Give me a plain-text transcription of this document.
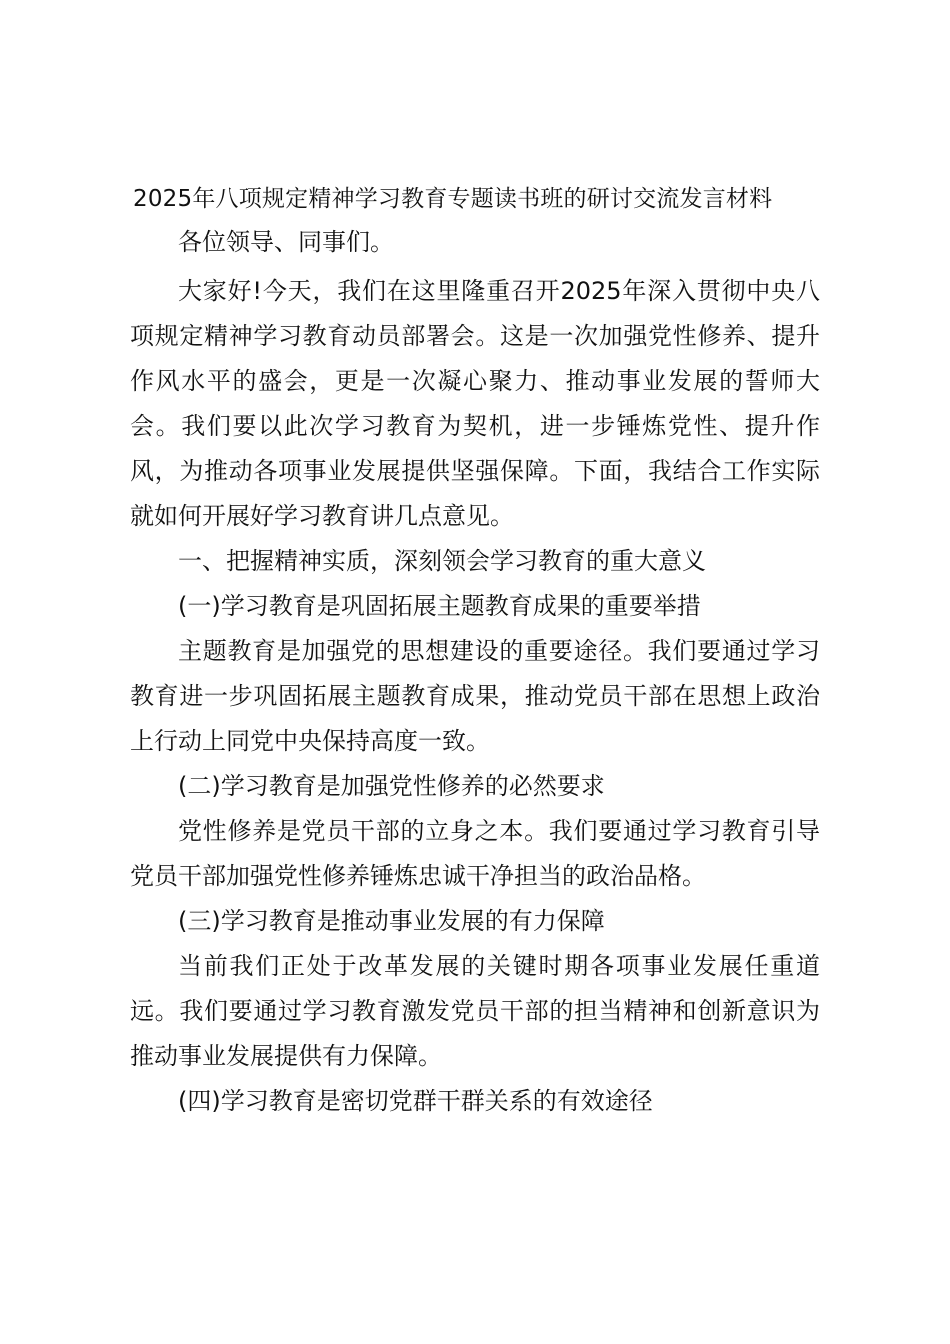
2025年八项规定精神学习教育专题读书班的研讨交流发言材料

各位领导、同事们。

大家好!今天，我们在这里隆重召开2025年深入贯彻中央八项规定精神学习教育动员部署会。这是一次加强党性修养、提升作风水平的盛会，更是一次凝心聚力、推动事业发展的誓师大会。我们要以此次学习教育为契机，进一步锤炼党性、提升作风，为推动各项事业发展提供坚强保障。下面，我结合工作实际就如何开展好学习教育讲几点意见。

一、把握精神实质，深刻领会学习教育的重大意义

(一)学习教育是巩固拓展主题教育成果的重要举措

主题教育是加强党的思想建设的重要途径。我们要通过学习教育进一步巩固拓展主题教育成果，推动党员干部在思想上政治上行动上同党中央保持高度一致。

(二)学习教育是加强党性修养的必然要求

党性修养是党员干部的立身之本。我们要通过学习教育引导党员干部加强党性修养锤炼忠诚干净担当的政治品格。

(三)学习教育是推动事业发展的有力保障

当前我们正处于改革发展的关键时期各项事业发展任重道远。我们要通过学习教育激发党员干部的担当精神和创新意识为推动事业发展提供有力保障。

(四)学习教育是密切党群干群关系的有效途径
